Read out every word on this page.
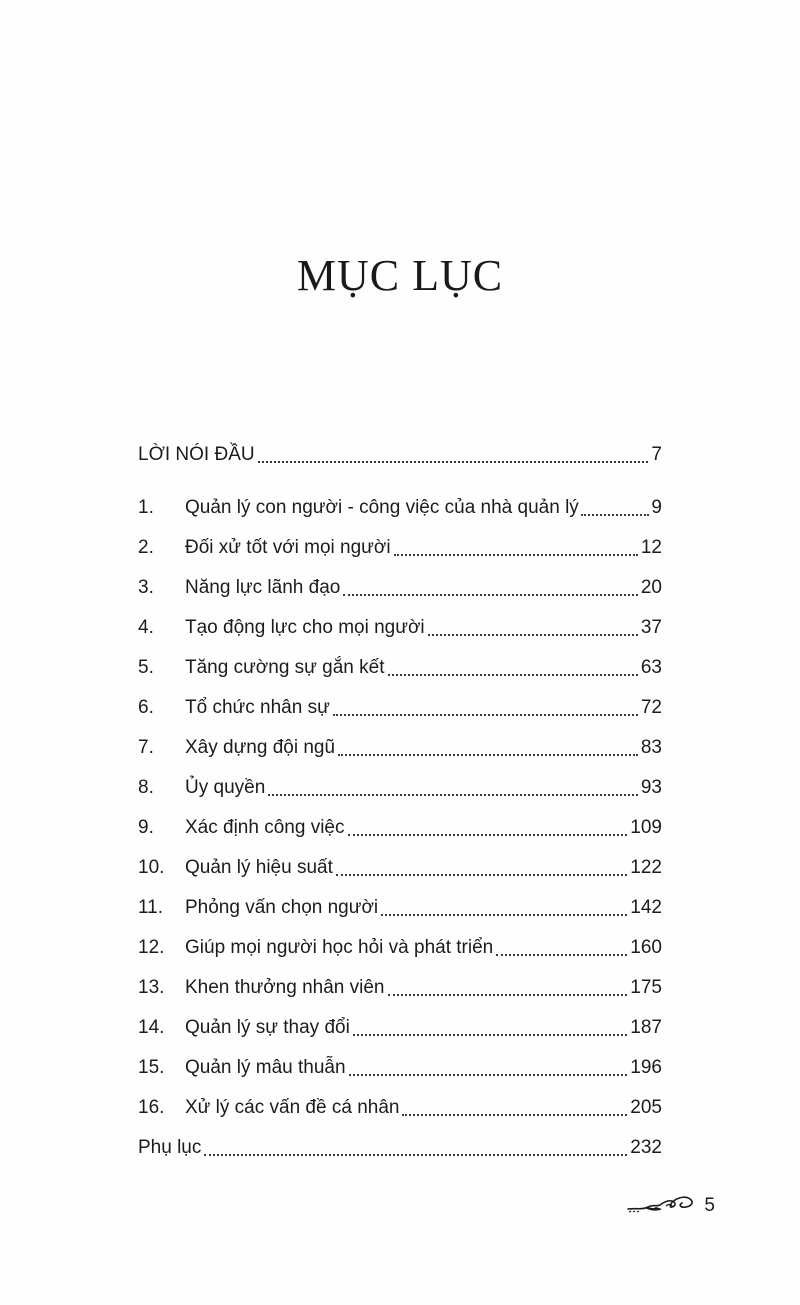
MỤC LỤC
LỜI NÓI ĐẦU	7
1.	Quản lý con người - công việc của nhà quản lý	9
2.	Đối xử tốt với mọi người	12
3.	Năng lực lãnh đạo	20
4.	Tạo động lực cho mọi người	37
5.	Tăng cường sự gắn kết	63
6.	Tổ chức nhân sự	72
7.	Xây dựng đội ngũ	83
8.	Ủy quyền	93
9.	Xác định công việc	109
10.	Quản lý hiệu suất	122
11.	Phỏng vấn chọn người	142
12.	Giúp mọi người học hỏi và phát triển	160
13.	Khen thưởng nhân viên	175
14.	Quản lý sự thay đổi	187
15.	Quản lý mâu thuẫn	196
16.	Xử lý các vấn đề cá nhân	205
Phụ lục	232
5
